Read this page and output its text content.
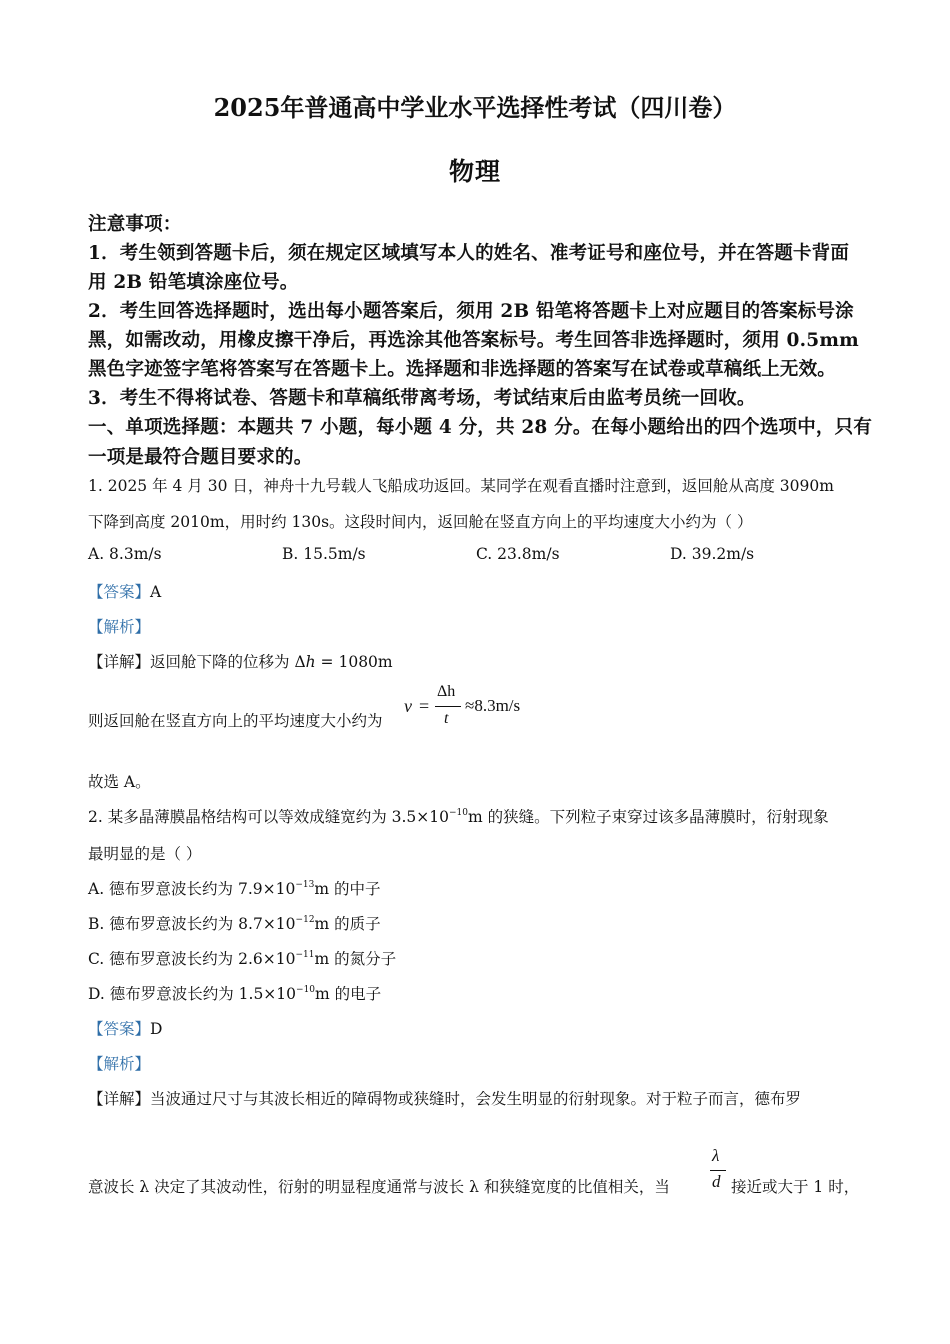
2025年普通高中学业水平选择性考试（四川卷）
物理
注意事项：
1．考生领到答题卡后，须在规定区域填写本人的姓名、准考证号和座位号，并在答题卡背面
用 2B 铅笔填涂座位号。
2．考生回答选择题时，选出每小题答案后，须用 2B 铅笔将答题卡上对应题目的答案标号涂
黑，如需改动，用橡皮擦干净后，再选涂其他答案标号。考生回答非选择题时，须用 0.5mm
黑色字迹签字笔将答案写在答题卡上。选择题和非选择题的答案写在试卷或草稿纸上无效。
3．考生不得将试卷、答题卡和草稿纸带离考场，考试结束后由监考员统一回收。
一、单项选择题：本题共 7 小题，每小题 4 分，共 28 分。在每小题给出的四个选项中，只有
一项是最符合题目要求的。
1. 2025 年 4 月 30 日，神舟十九号载人飞船成功返回。某同学在观看直播时注意到，返回舱从高度 3090m
下降到高度 2010m，用时约 130s。这段时间内，返回舱在竖直方向上的平均速度大小约为（ ）
A. 8.3m/s	B. 15.5m/s	C. 23.8m/s	D. 39.2m/s
【答案】A
【解析】
【详解】返回舱下降的位移为 Δh = 1080m
则返回舱在竖直方向上的平均速度大小约为
v =
Δh
t
≈8.3m/s
故选 A。
2. 某多晶薄膜晶格结构可以等效成缝宽约为 $3.5\times 10^{-10}m$ 的狭缝。下列粒子束穿过该多晶薄膜时，衍射现象
最明显的是（ ）
A. 德布罗意波长约为 $7.9\times 10^{-13}m$ 的中子
B. 德布罗意波长约为 $8.7\times 10^{-12}m$ 的质子
C. 德布罗意波长约为 $2.6\times 10^{-11}m$ 的氮分子
D. 德布罗意波长约为 $1.5\times 10^{-10}m$ 的电子
【答案】D
【解析】
【详解】当波通过尺寸与其波长相近的障碍物或狭缝时，会发生明显的衍射现象。对于粒子而言，德布罗
意波长 λ 决定了其波动性，衍射的明显程度通常与波长 λ 和狭缝宽度的比值相关，当
λ
d 接近或大于 1 时，
